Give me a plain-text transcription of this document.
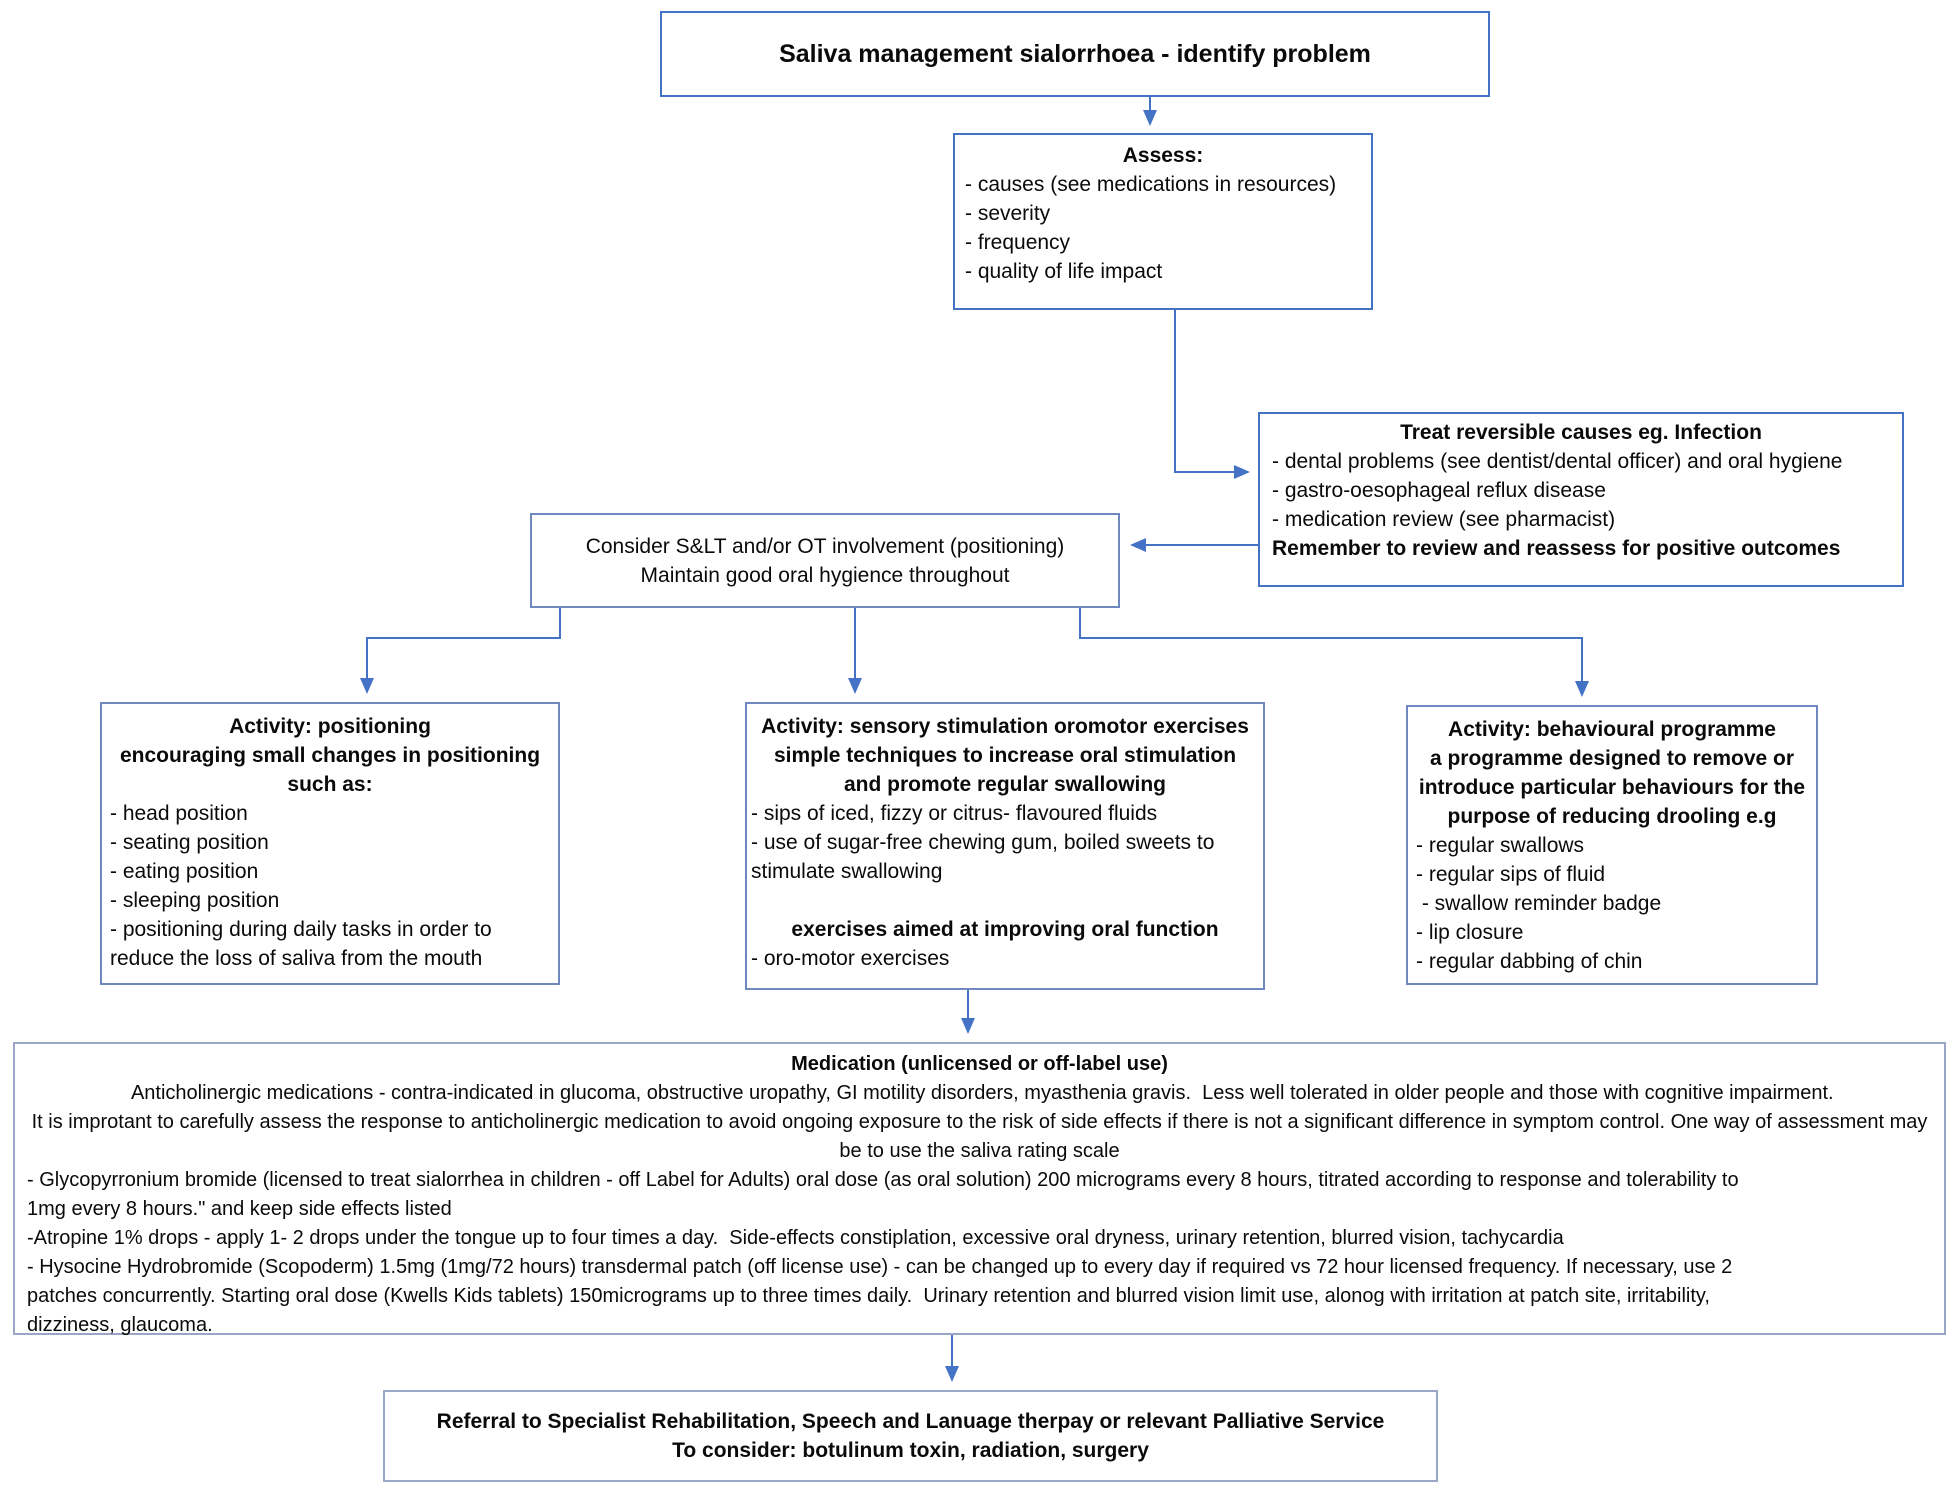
Saliva management sialorrhoea - identify problem
Assess:
- causes (see medications in resources)
- severity
- frequency
- quality of life impact
Treat reversible causes eg. Infection
- dental problems (see dentist/dental officer) and oral hygiene
- gastro-oesophageal reflux disease
- medication review (see pharmacist)
Remember to review and reassess for positive outcomes
Consider S&LT and/or OT involvement (positioning)
Maintain good oral hygience throughout
Activity: positioning
encouraging small changes in positioning
such as:
- head position
- seating position
- eating position
- sleeping position
- positioning during daily tasks in order to reduce the loss of saliva from the mouth
Activity: sensory stimulation oromotor exercises
simple techniques to increase oral stimulation
and promote regular swallowing
- sips of iced, fizzy or citrus- flavoured fluids
- use of sugar-free chewing gum, boiled sweets to stimulate swallowing
exercises aimed at improving oral function
- oro-motor exercises
Activity: behavioural programme
a programme designed to remove or
introduce particular behaviours for the
purpose of reducing drooling e.g
- regular swallows
- regular sips of fluid
- swallow reminder badge
- lip closure
- regular dabbing of chin
Medication (unlicensed or off-label use)
Anticholinergic medications - contra-indicated in glucoma, obstructive uropathy, GI motility disorders, myasthenia gravis.  Less well tolerated in older people and those with cognitive impairment.
It is improtant to carefully assess the response to anticholinergic medication to avoid ongoing exposure to the risk of side effects if there is not a significant difference in symptom control. One way of assessment may be to use the saliva rating scale
- Glycopyrronium bromide (licensed to treat sialorrhea in children - off Label for Adults) oral dose (as oral solution) 200 micrograms every 8 hours, titrated according to response and tolerability to
1mg every 8 hours." and keep side effects listed
-Atropine 1% drops - apply 1- 2 drops under the tongue up to four times a day.  Side-effects constiplation, excessive oral dryness, urinary retention, blurred vision, tachycardia
- Hysocine Hydrobromide (Scopoderm) 1.5mg (1mg/72 hours) transdermal patch (off license use) - can be changed up to every day if required vs 72 hour licensed frequency. If necessary, use 2
patches concurrently. Starting oral dose (Kwells Kids tablets) 150micrograms up to three times daily.  Urinary retention and blurred vision limit use, alonog with irritation at patch site, irritability,
dizziness, glaucoma.
Referral to Specialist Rehabilitation, Speech and Lanuage therpay or relevant Palliative Service
To consider: botulinum toxin, radiation, surgery
